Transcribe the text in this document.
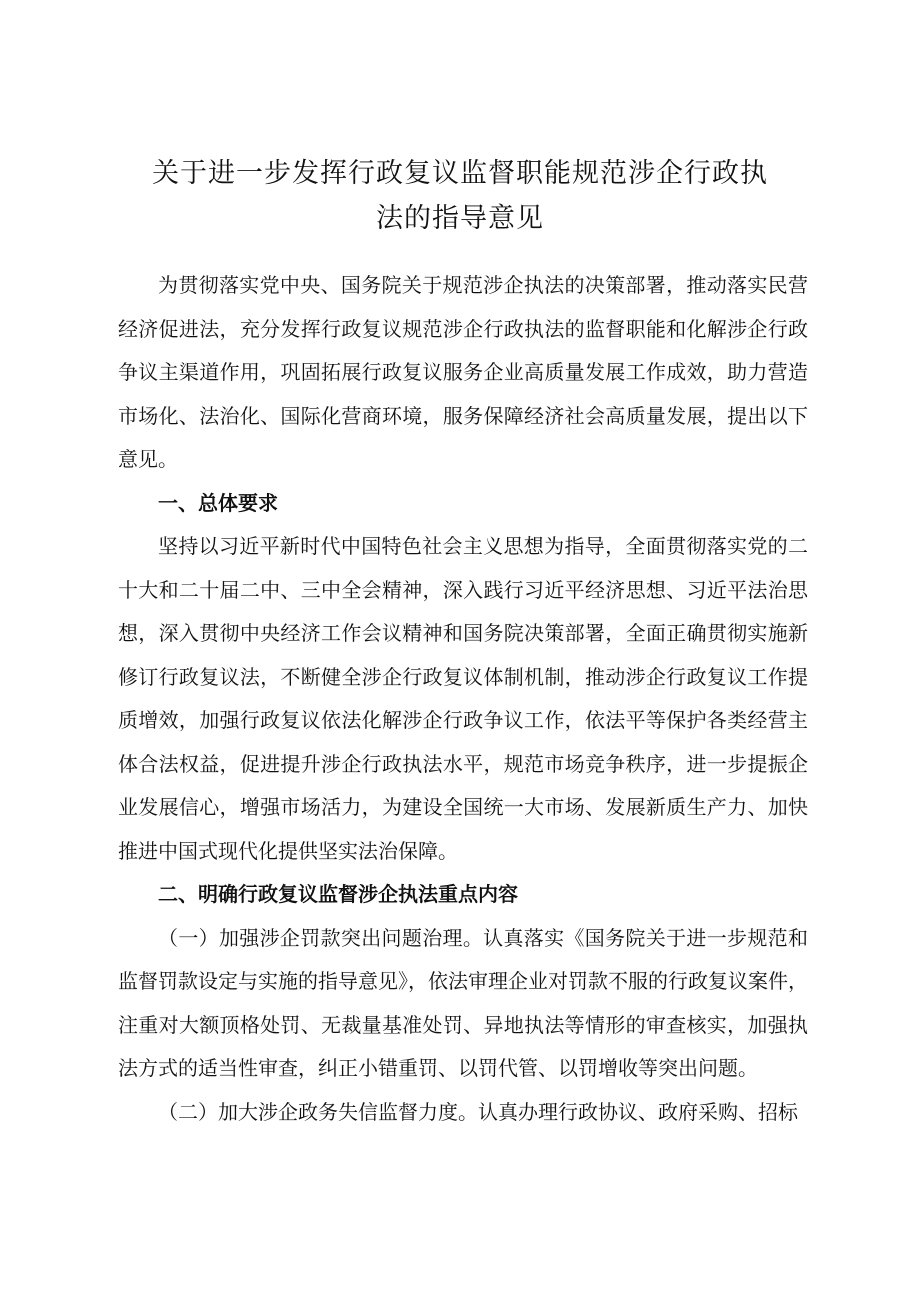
关于进一步发挥行政复议监督职能规范涉企行政执
法的指导意见

为贯彻落实党中央、国务院关于规范涉企执法的决策部署，推动落实民营经济促进法，充分发挥行政复议规范涉企行政执法的监督职能和化解涉企行政争议主渠道作用，巩固拓展行政复议服务企业高质量发展工作成效，助力营造市场化、法治化、国际化营商环境，服务保障经济社会高质量发展，提出以下意见。

一、总体要求

坚持以习近平新时代中国特色社会主义思想为指导，全面贯彻落实党的二十大和二十届二中、三中全会精神，深入践行习近平经济思想、习近平法治思想，深入贯彻中央经济工作会议精神和国务院决策部署，全面正确贯彻实施新修订行政复议法，不断健全涉企行政复议体制机制，推动涉企行政复议工作提质增效，加强行政复议依法化解涉企行政争议工作，依法平等保护各类经营主体合法权益，促进提升涉企行政执法水平，规范市场竞争秩序，进一步提振企业发展信心，增强市场活力，为建设全国统一大市场、发展新质生产力、加快推进中国式现代化提供坚实法治保障。

二、明确行政复议监督涉企执法重点内容

（一）加强涉企罚款突出问题治理。认真落实《国务院关于进一步规范和监督罚款设定与实施的指导意见》，依法审理企业对罚款不服的行政复议案件，注重对大额顶格处罚、无裁量基准处罚、异地执法等情形的审查核实，加强执法方式的适当性审查，纠正小错重罚、以罚代管、以罚增收等突出问题。

（二）加大涉企政务失信监督力度。认真办理行政协议、政府采购、招标
